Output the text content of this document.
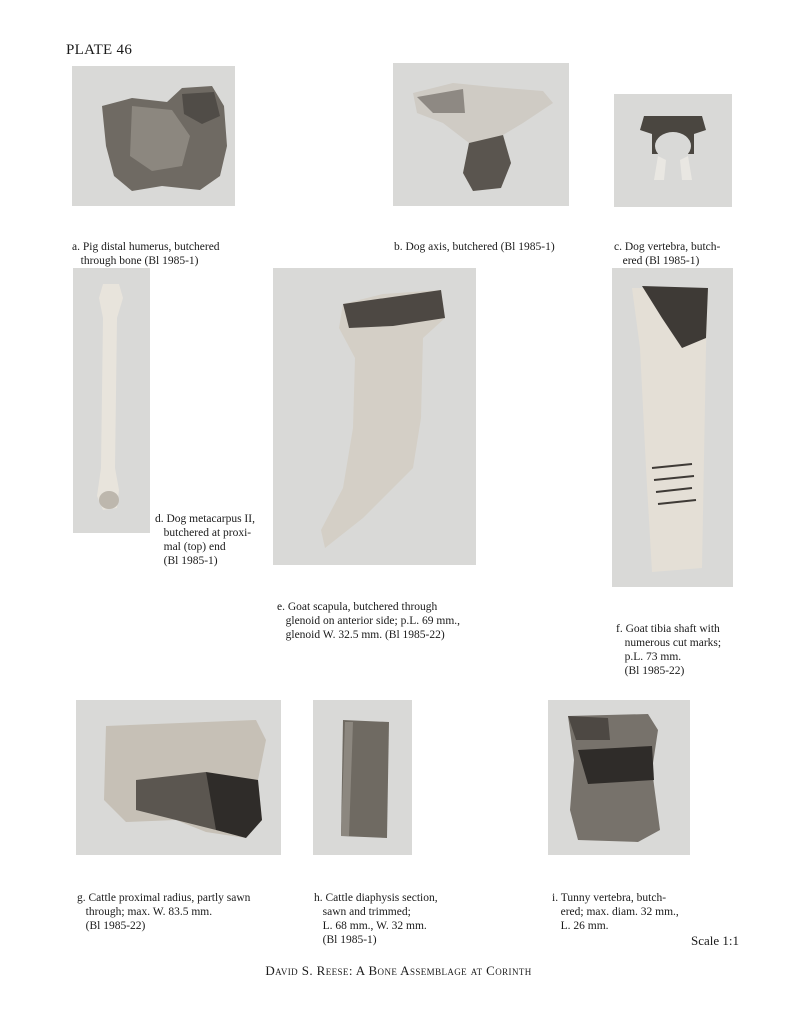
PLATE 46

a. Pig distal humerus, butchered
through bone (Bl 1985-1)

b. Dog axis, butchered (Bl 1985-1)

	c. Dog vertebra, butch-
ered (Bl 1985-1)

d. Dog metacarpus II,
butchered at proxi-
mal (top) end
(Bl 1985-1)

e. Goat scapula, butchered through
glenoid on anterior side; p.L. 69 mm.,
glenoid W. 32.5 mm. (Bl 1985-22)

	f. Goat tibia shaft with
numerous cut marks;
p.L. 73 mm.
(Bl 1985-22)

g. Cattle proximal radius, partly sawn
through; max. W. 83.5 mm.
(Bl 1985-22)

h. Cattle diaphysis section,
sawn and trimmed;
L. 68 mm., W. 32 mm.
(Bl 1985-1)

i. Tunny vertebra, butch-
ered; max. diam. 32 mm.,
L. 26 mm.

Scale 1:1
David S. Reese: A Bone Assemblage at Corinth
